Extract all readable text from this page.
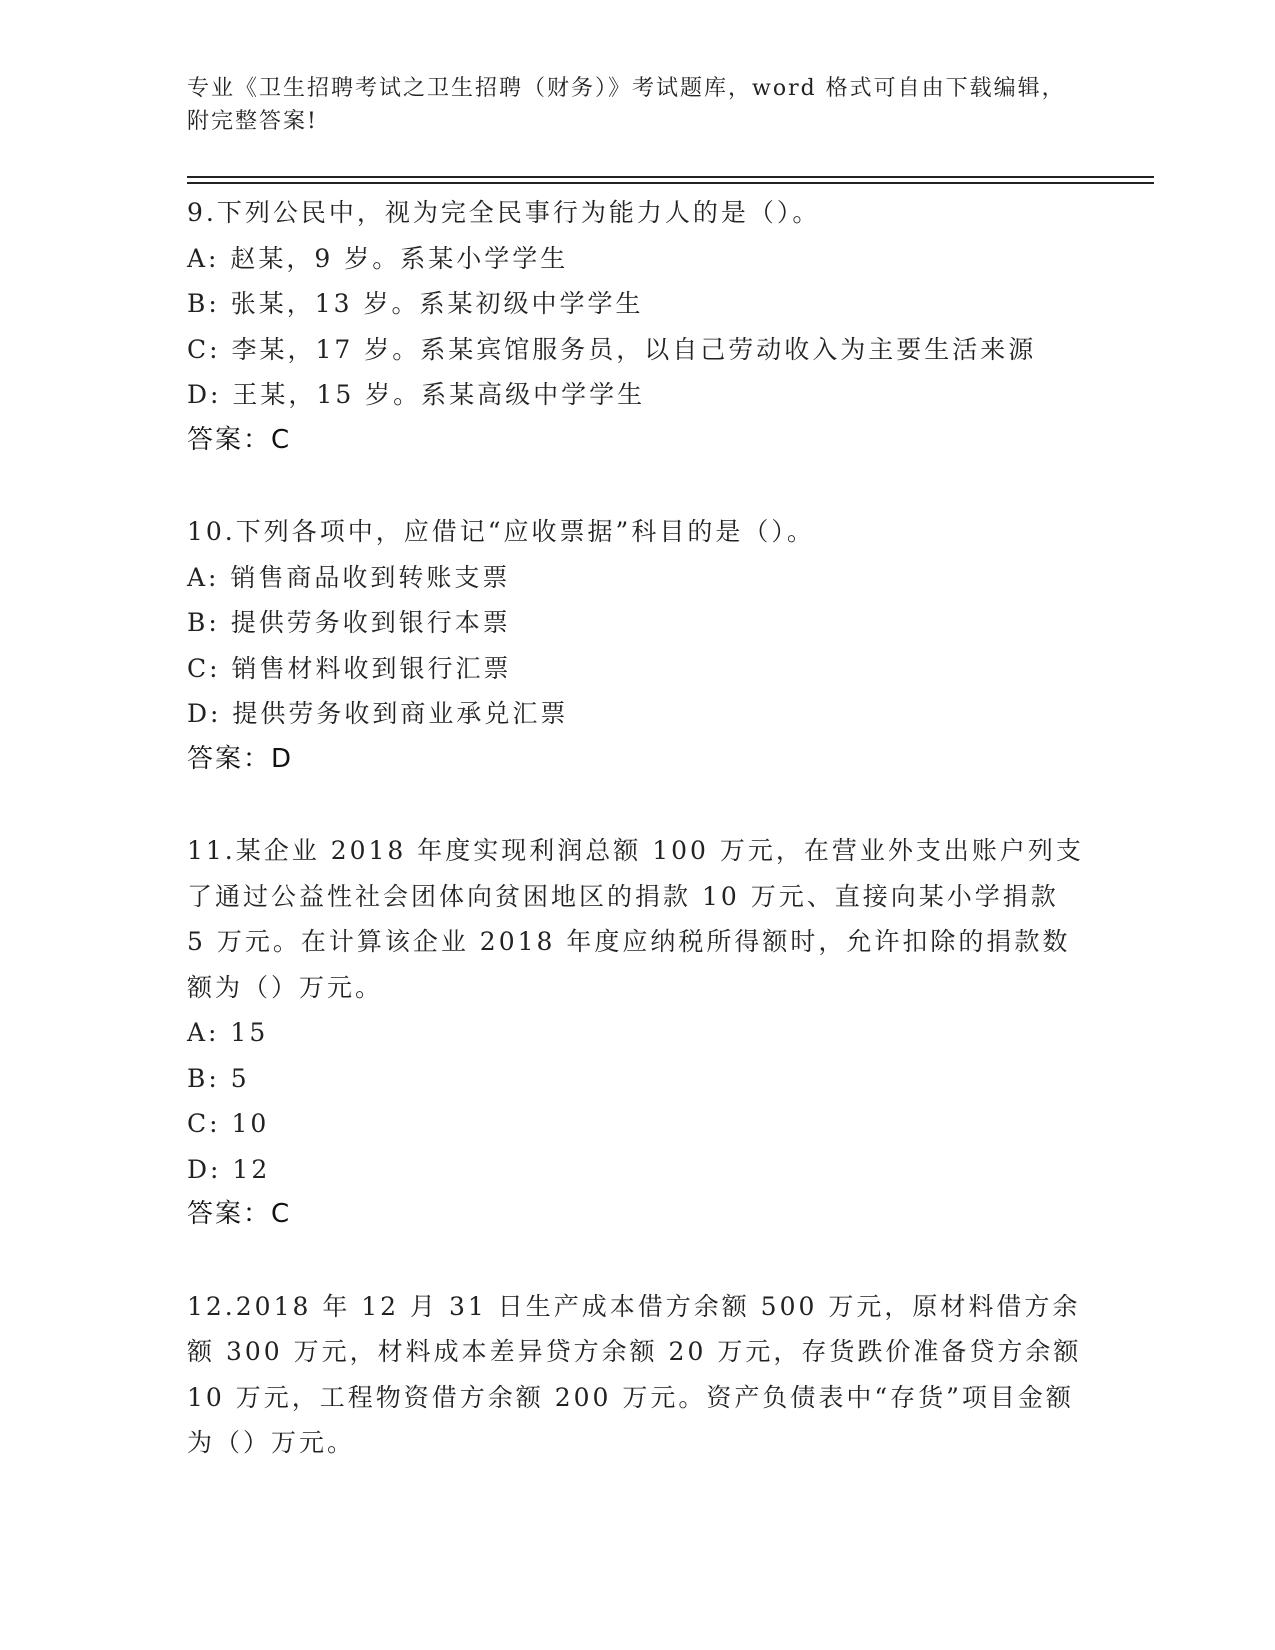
专业《卫生招聘考试之卫生招聘（财务）》考试题库，word 格式可自由下载编辑，附完整答案!
9.下列公民中，视为完全民事行为能力人的是（）。
A: 赵某，9 岁。系某小学学生
B: 张某，13 岁。系某初级中学学生
C: 李某，17 岁。系某宾馆服务员，以自己劳动收入为主要生活来源
D: 王某，15 岁。系某高级中学学生
答案：C
10.下列各项中，应借记“应收票据”科目的是（）。
A: 销售商品收到转账支票
B: 提供劳务收到银行本票
C: 销售材料收到银行汇票
D: 提供劳务收到商业承兑汇票
答案：D
11.某企业 2018 年度实现利润总额 100 万元，在营业外支出账户列支了通过公益性社会团体向贫困地区的捐款 10 万元、直接向某小学捐款 5 万元。在计算该企业 2018 年度应纳税所得额时，允许扣除的捐款数额为（）万元。
A: 15
B: 5
C: 10
D: 12
答案：C
12.2018 年 12 月 31 日生产成本借方余额 500 万元，原材料借方余额 300 万元，材料成本差异贷方余额 20 万元，存货跌价准备贷方余额 10 万元，工程物资借方余额 200 万元。资产负债表中“存货”项目金额为（）万元。
